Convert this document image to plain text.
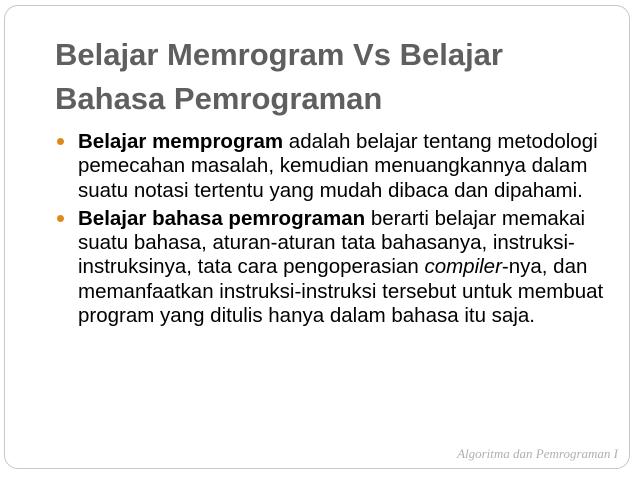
Belajar Memrogram Vs Belajar Bahasa Pemrograman
Belajar memprogram adalah belajar tentang metodologi pemecahan masalah, kemudian menuangkannya dalam suatu notasi tertentu yang mudah dibaca dan dipahami.
Belajar bahasa pemrograman berarti belajar memakai suatu bahasa, aturan-aturan tata bahasanya, instruksi-instruksinya, tata cara pengoperasian compiler-nya, dan memanfaatkan instruksi-instruksi tersebut untuk membuat program yang ditulis hanya dalam bahasa itu saja.
Algoritma dan Pemrograman I
